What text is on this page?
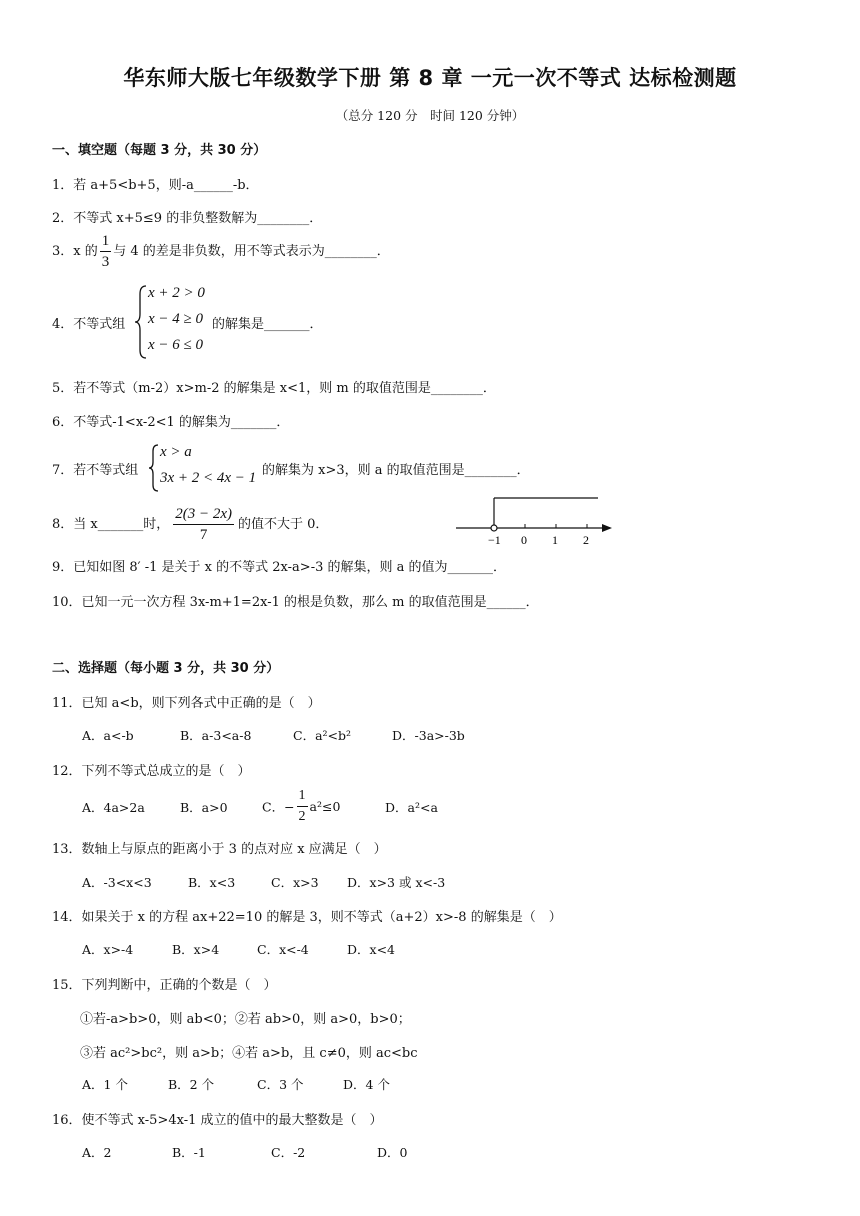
华东师大版七年级数学下册 第 8 章 一元一次不等式 达标检测题
（总分 120 分　时间 120 分钟）
一、填空题（每题 3 分，共 30 分）
1．若 a+5<b+5，则-a______-b．
2．不等式 x+5≤9 的非负整数解为________．
3．x 的 $\frac{1}{3}$ 与 4 的差是非负数，用不等式表示为________．
4．不等式组
x + 2 > 0
x − 4 ≥ 0
x − 6 ≤ 0
的解集是_______．
5．若不等式（m-2）x>m-2 的解集是 x<1，则 m 的取值范围是________．
6．不等式-1<x-2<1 的解集为_______．
7．若不等式组
x > a
3x + 2 < 4x − 1 的解集为 x>3，则 a 的取值范围是________．
8．当 x_______时， $\frac{2(3 - 2x)}{7}$ 的值不大于 0．
−1 0 1 2
9．已知如图 8′ -1 是关于 x 的不等式 2x-a>-3 的解集，则 a 的值为_______．
10．已知一元一次方程 3x-m+1=2x-1 的根是负数，那么 m 的取值范围是______．
二、选择题（每小题 3 分，共 30 分）
11．已知 a<b，则下列各式中正确的是（　）
A．a<-b	B．a-3<a-8	C．a²<b²	D．-3a>-3b
12．下列不等式总成立的是（　）
A．4a>2a	B．a>0	C．− $\frac{1}{2} a^2\le 0$	D．a²<a
13．数轴上与原点的距离小于 3 的点对应 x 应满足（　）
A．-3<x<3	B．x<3	C．x>3 D．x>3 或 x<-3
14．如果关于 x 的方程 ax+22=10 的解是 3，则不等式（a+2）x>-8 的解集是（　）
A．x>-4	B．x>4	C．x<-4	D．x<4
15．下列判断中，正确的个数是（　）
①若-a>b>0，则 ab<0；②若 ab>0，则 a>0，b>0；
③若 ac²>bc²，则 a>b；④若 a>b，且 c≠0，则 ac<bc
A．1 个	B．2 个	C．3 个	D．4 个
16．使不等式 x-5>4x-1 成立的值中的最大整数是（　）
A．2	B．-1	C．-2	D．0
